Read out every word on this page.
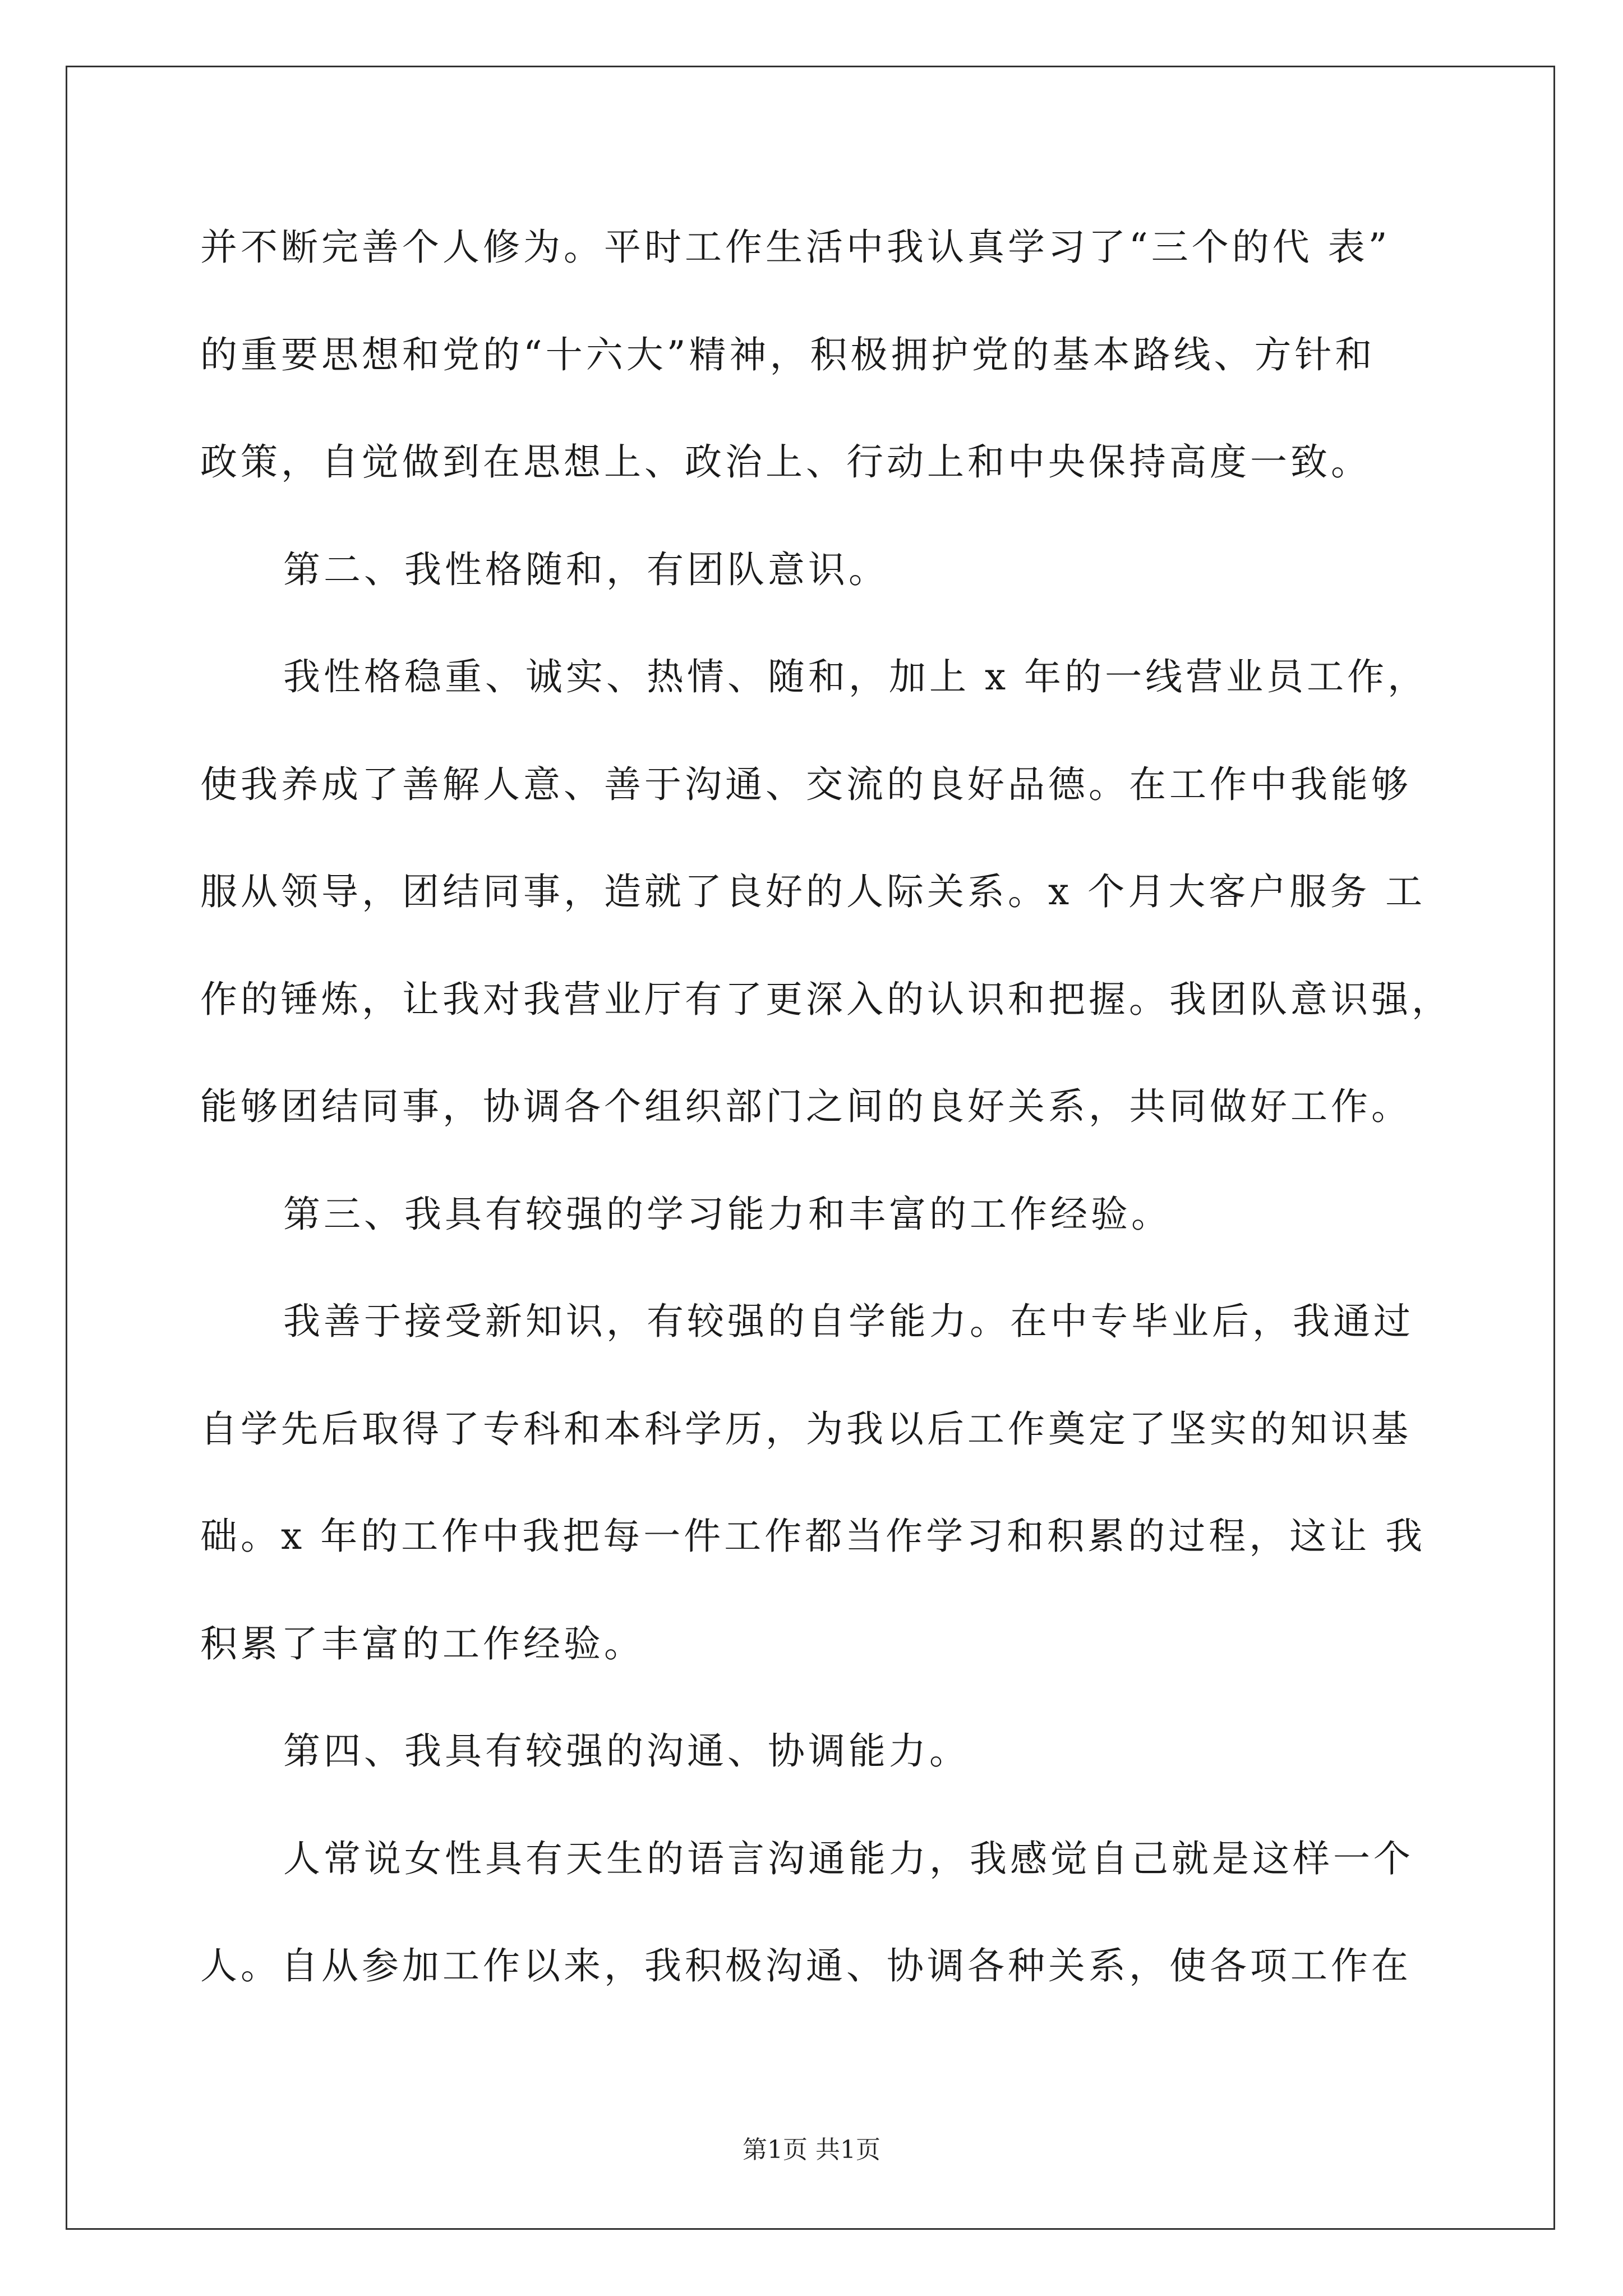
并不断完善个人修为。平时工作生活中我认真学习了“三个的代 表”
的重要思想和党的“十六大”精神，积极拥护党的基本路线、方针和
政策，自觉做到在思想上、政治上、行动上和中央保持高度一致。
第二、我性格随和，有团队意识。
我性格稳重、诚实、热情、随和，加上 x 年的一线营业员工作，
使我养成了善解人意、善于沟通、交流的良好品德。在工作中我能够
服从领导，团结同事，造就了良好的人际关系。x 个月大客户服务 工
作的锤炼，让我对我营业厅有了更深入的认识和把握。我团队意识强，
能够团结同事，协调各个组织部门之间的良好关系，共同做好工作。
第三、我具有较强的学习能力和丰富的工作经验。
我善于接受新知识，有较强的自学能力。在中专毕业后，我通过
自学先后取得了专科和本科学历，为我以后工作奠定了坚实的知识基
础。x 年的工作中我把每一件工作都当作学习和积累的过程，这让 我
积累了丰富的工作经验。
第四、我具有较强的沟通、协调能力。
人常说女性具有天生的语言沟通能力，我感觉自己就是这样一个
人。自从参加工作以来，我积极沟通、协调各种关系，使各项工作在
第1页 共1页
